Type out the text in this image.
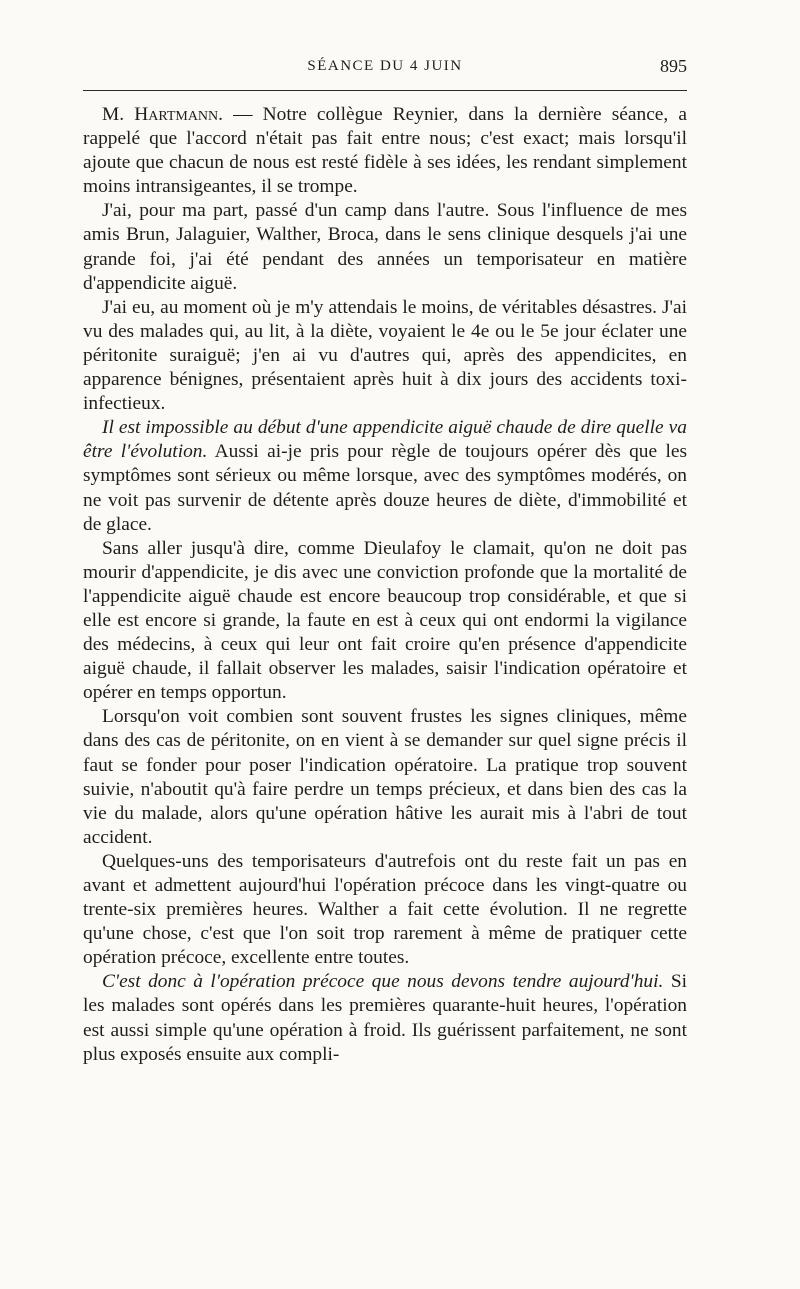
SÉANCE DU 4 JUIN	895

M. Hartmann. — Notre collègue Reynier, dans la dernière séance, a rappelé que l'accord n'était pas fait entre nous; c'est exact; mais lorsqu'il ajoute que chacun de nous est resté fidèle à ses idées, les rendant simplement moins intransigeantes, il se trompe.

J'ai, pour ma part, passé d'un camp dans l'autre. Sous l'influence de mes amis Brun, Jalaguier, Walther, Broca, dans le sens clinique desquels j'ai une grande foi, j'ai été pendant des années un temporisateur en matière d'appendicite aiguë.

J'ai eu, au moment où je m'y attendais le moins, de véritables désastres. J'ai vu des malades qui, au lit, à la diète, voyaient le 4e ou le 5e jour éclater une péritonite suraiguë; j'en ai vu d'autres qui, après des appendicites, en apparence bénignes, présentaient après huit à dix jours des accidents toxi-infectieux.

Il est impossible au début d'une appendicite aiguë chaude de dire quelle va être l'évolution. Aussi ai-je pris pour règle de toujours opérer dès que les symptômes sont sérieux ou même lorsque, avec des symptômes modérés, on ne voit pas survenir de détente après douze heures de diète, d'immobilité et de glace.

Sans aller jusqu'à dire, comme Dieulafoy le clamait, qu'on ne doit pas mourir d'appendicite, je dis avec une conviction profonde que la mortalité de l'appendicite aiguë chaude est encore beaucoup trop considérable, et que si elle est encore si grande, la faute en est à ceux qui ont endormi la vigilance des médecins, à ceux qui leur ont fait croire qu'en présence d'appendicite aiguë chaude, il fallait observer les malades, saisir l'indication opératoire et opérer en temps opportun.

Lorsqu'on voit combien sont souvent frustes les signes cliniques, même dans des cas de péritonite, on en vient à se demander sur quel signe précis il faut se fonder pour poser l'indication opératoire. La pratique trop souvent suivie, n'aboutit qu'à faire perdre un temps précieux, et dans bien des cas la vie du malade, alors qu'une opération hâtive les aurait mis à l'abri de tout accident.

Quelques-uns des temporisateurs d'autrefois ont du reste fait un pas en avant et admettent aujourd'hui l'opération précoce dans les vingt-quatre ou trente-six premières heures. Walther a fait cette évolution. Il ne regrette qu'une chose, c'est que l'on soit trop rarement à même de pratiquer cette opération précoce, excellente entre toutes.

C'est donc à l'opération précoce que nous devons tendre aujourd'hui. Si les malades sont opérés dans les premières quarante-huit heures, l'opération est aussi simple qu'une opération à froid. Ils guérissent parfaitement, ne sont plus exposés ensuite aux compli-
